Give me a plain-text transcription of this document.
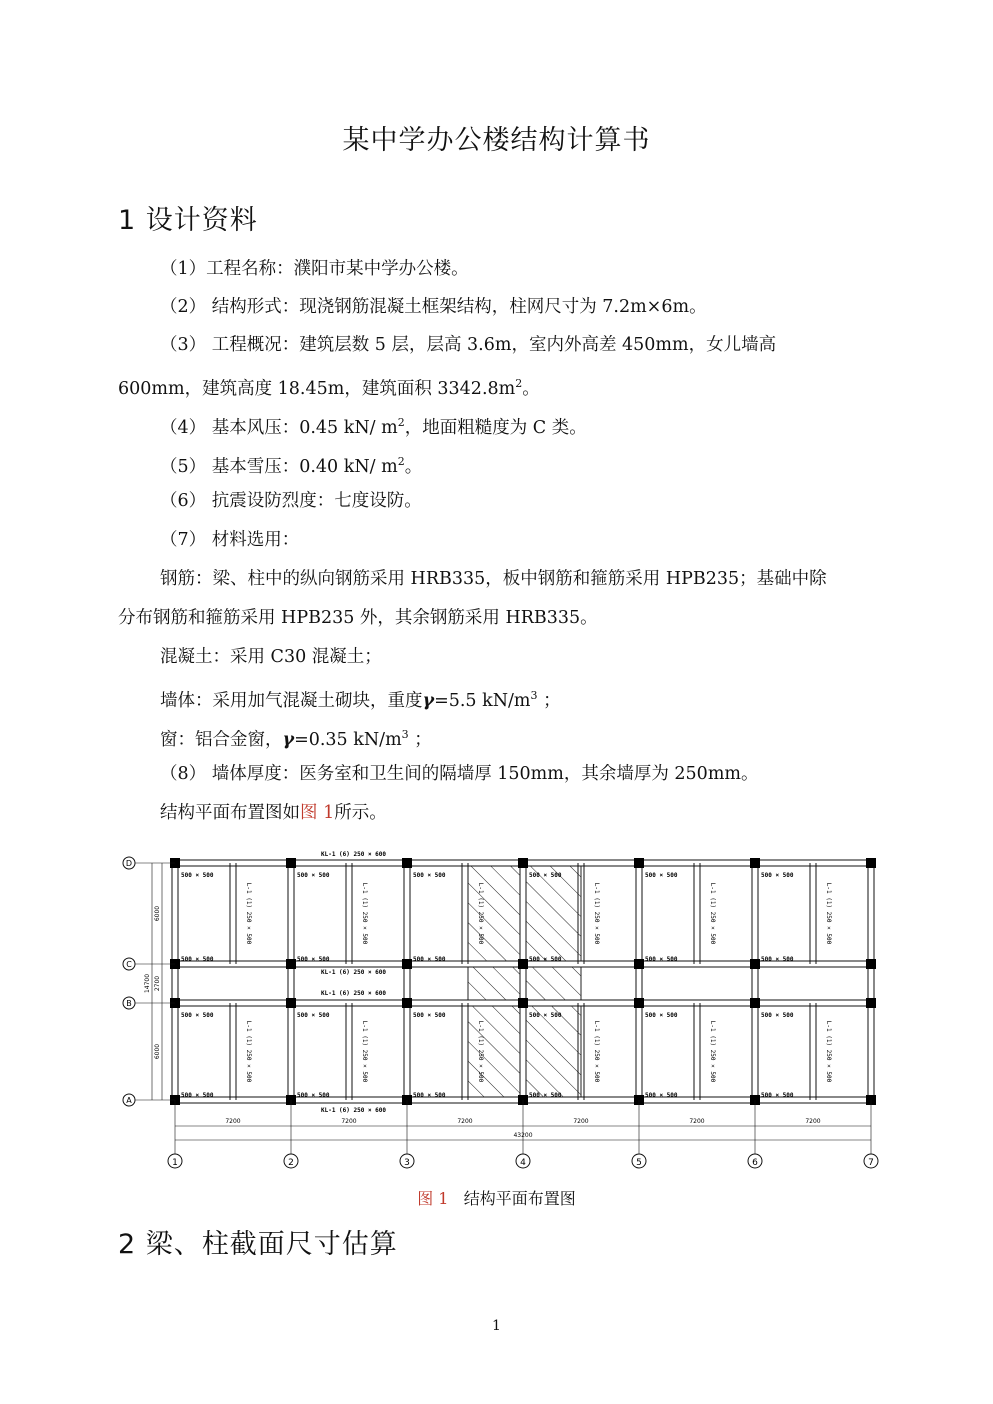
某中学办公楼结构计算书
1 设计资料
（1）工程名称：濮阳市某中学办公楼。
（2） 结构形式：现浇钢筋混凝土框架结构，柱网尺寸为 7.2m×6m。
（3） 工程概况：建筑层数 5 层，层高 3.6m，室内外高差 450mm，女儿墙高
600mm，建筑高度 18.45m，建筑面积 $3342.8m^2$。
（4） 基本风压：0.45 kN/ $m^2$，地面粗糙度为 C 类。
（5） 基本雪压：0.40 kN/ $m^2$。
（6） 抗震设防烈度：七度设防。
（7） 材料选用：
钢筋：梁、柱中的纵向钢筋采用 HRB335，板中钢筋和箍筋采用 HPB235；基础中除
分布钢筋和箍筋采用 HPB235 外，其余钢筋采用 HRB335。
混凝土：采用 C30 混凝土；
墙体：采用加气混凝土砌块，重度γ=5.5 $kN/m^3$ ；
窗：铝合金窗，γ=0.35 $kN/m^3$ ；
（8） 墙体厚度：医务室和卫生间的隔墙厚 150mm，其余墙厚为 250mm。
结构平面布置图如图 1所示。
L-1 (1) 250 × 500
L-1 (1) 250 × 500
L-1 (1) 250 × 500
L-1 (1) 250 × 500
L-1 (1) 250 × 500
L-1 (1) 250 × 500
L-1 (1) 250 × 500
L-1 (1) 250 × 500
L-1 (1) 250 × 500
L-1 (1) 250 × 500
L-1 (1) 250 × 500
L-1 (1) 250 × 500
500 × 500	500 × 500	500 × 500	500 × 500	500 × 500	500 × 500
500 × 500	500 × 500	500 × 500	500 × 500	500 × 500	500 × 500
500 × 500	500 × 500	500 × 500	500 × 500	500 × 500	500 × 500
500 × 500	500 × 500	500 × 500	500 × 500	500 × 500	500 × 500
KL-1 (6) 250 × 600
KL-1 (6) 250 × 600
KL-1 (6) 250 × 600
KL-1 (6) 250 × 600
D
C
B
A
6000
2700
6000
14700
7200	7200	7200	7200	7200	7200
43200
1	2	3	4	5	6	7
图 1 结构平面布置图
2 梁、柱截面尺寸估算
1
